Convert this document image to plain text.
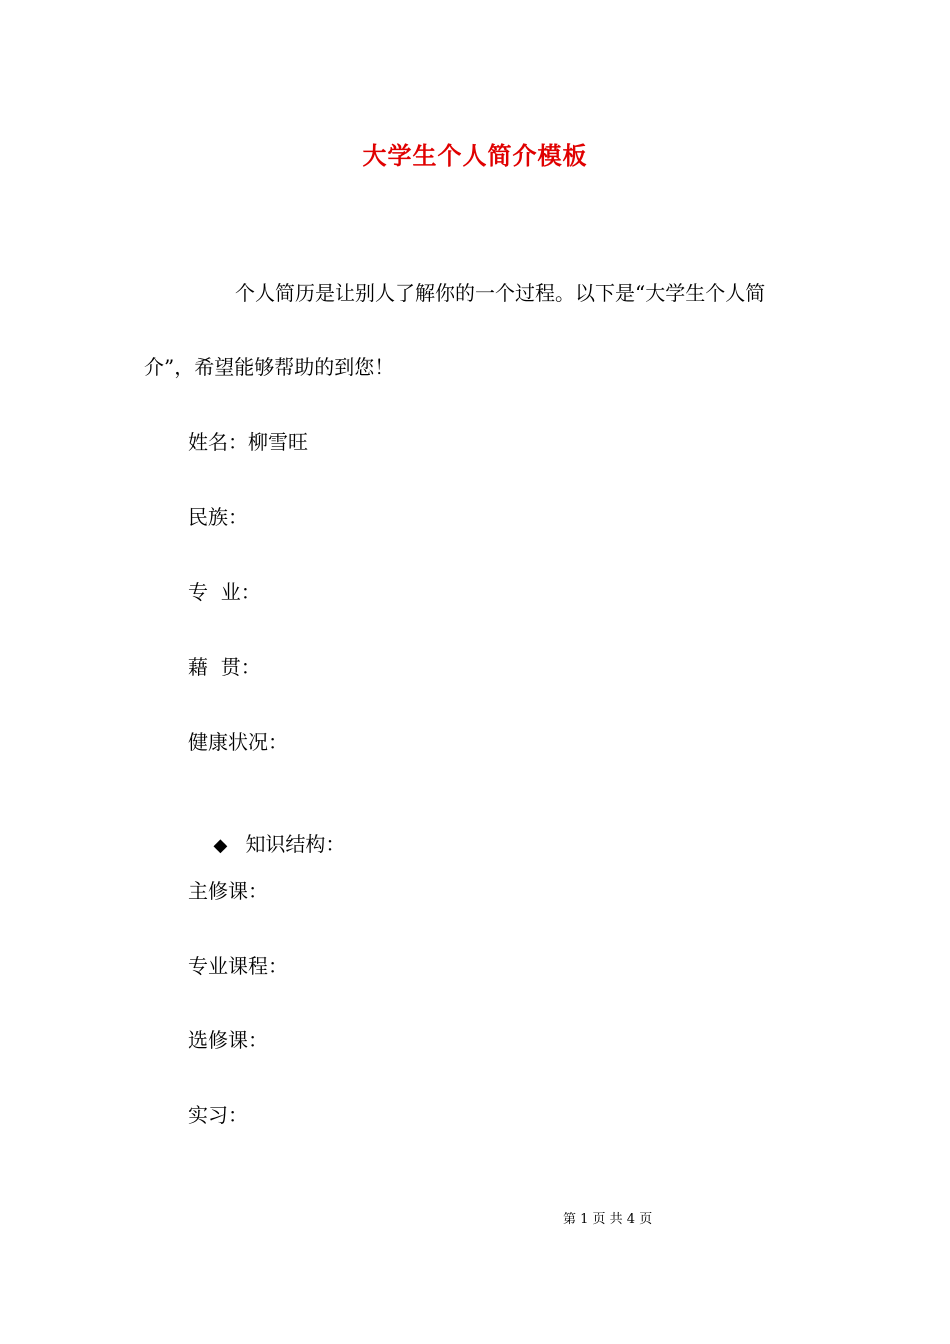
大学生个人简介模板

个人简历是让别人了解你的一个过程。以下是“大学生个人简介”，希望能够帮助的到您！

姓名：柳雪旺
民族：
专  业：
藉  贯：
健康状况：

◆ 知识结构：

主修课：
专业课程：
选修课：
实习：
第 1 页 共 4 页
